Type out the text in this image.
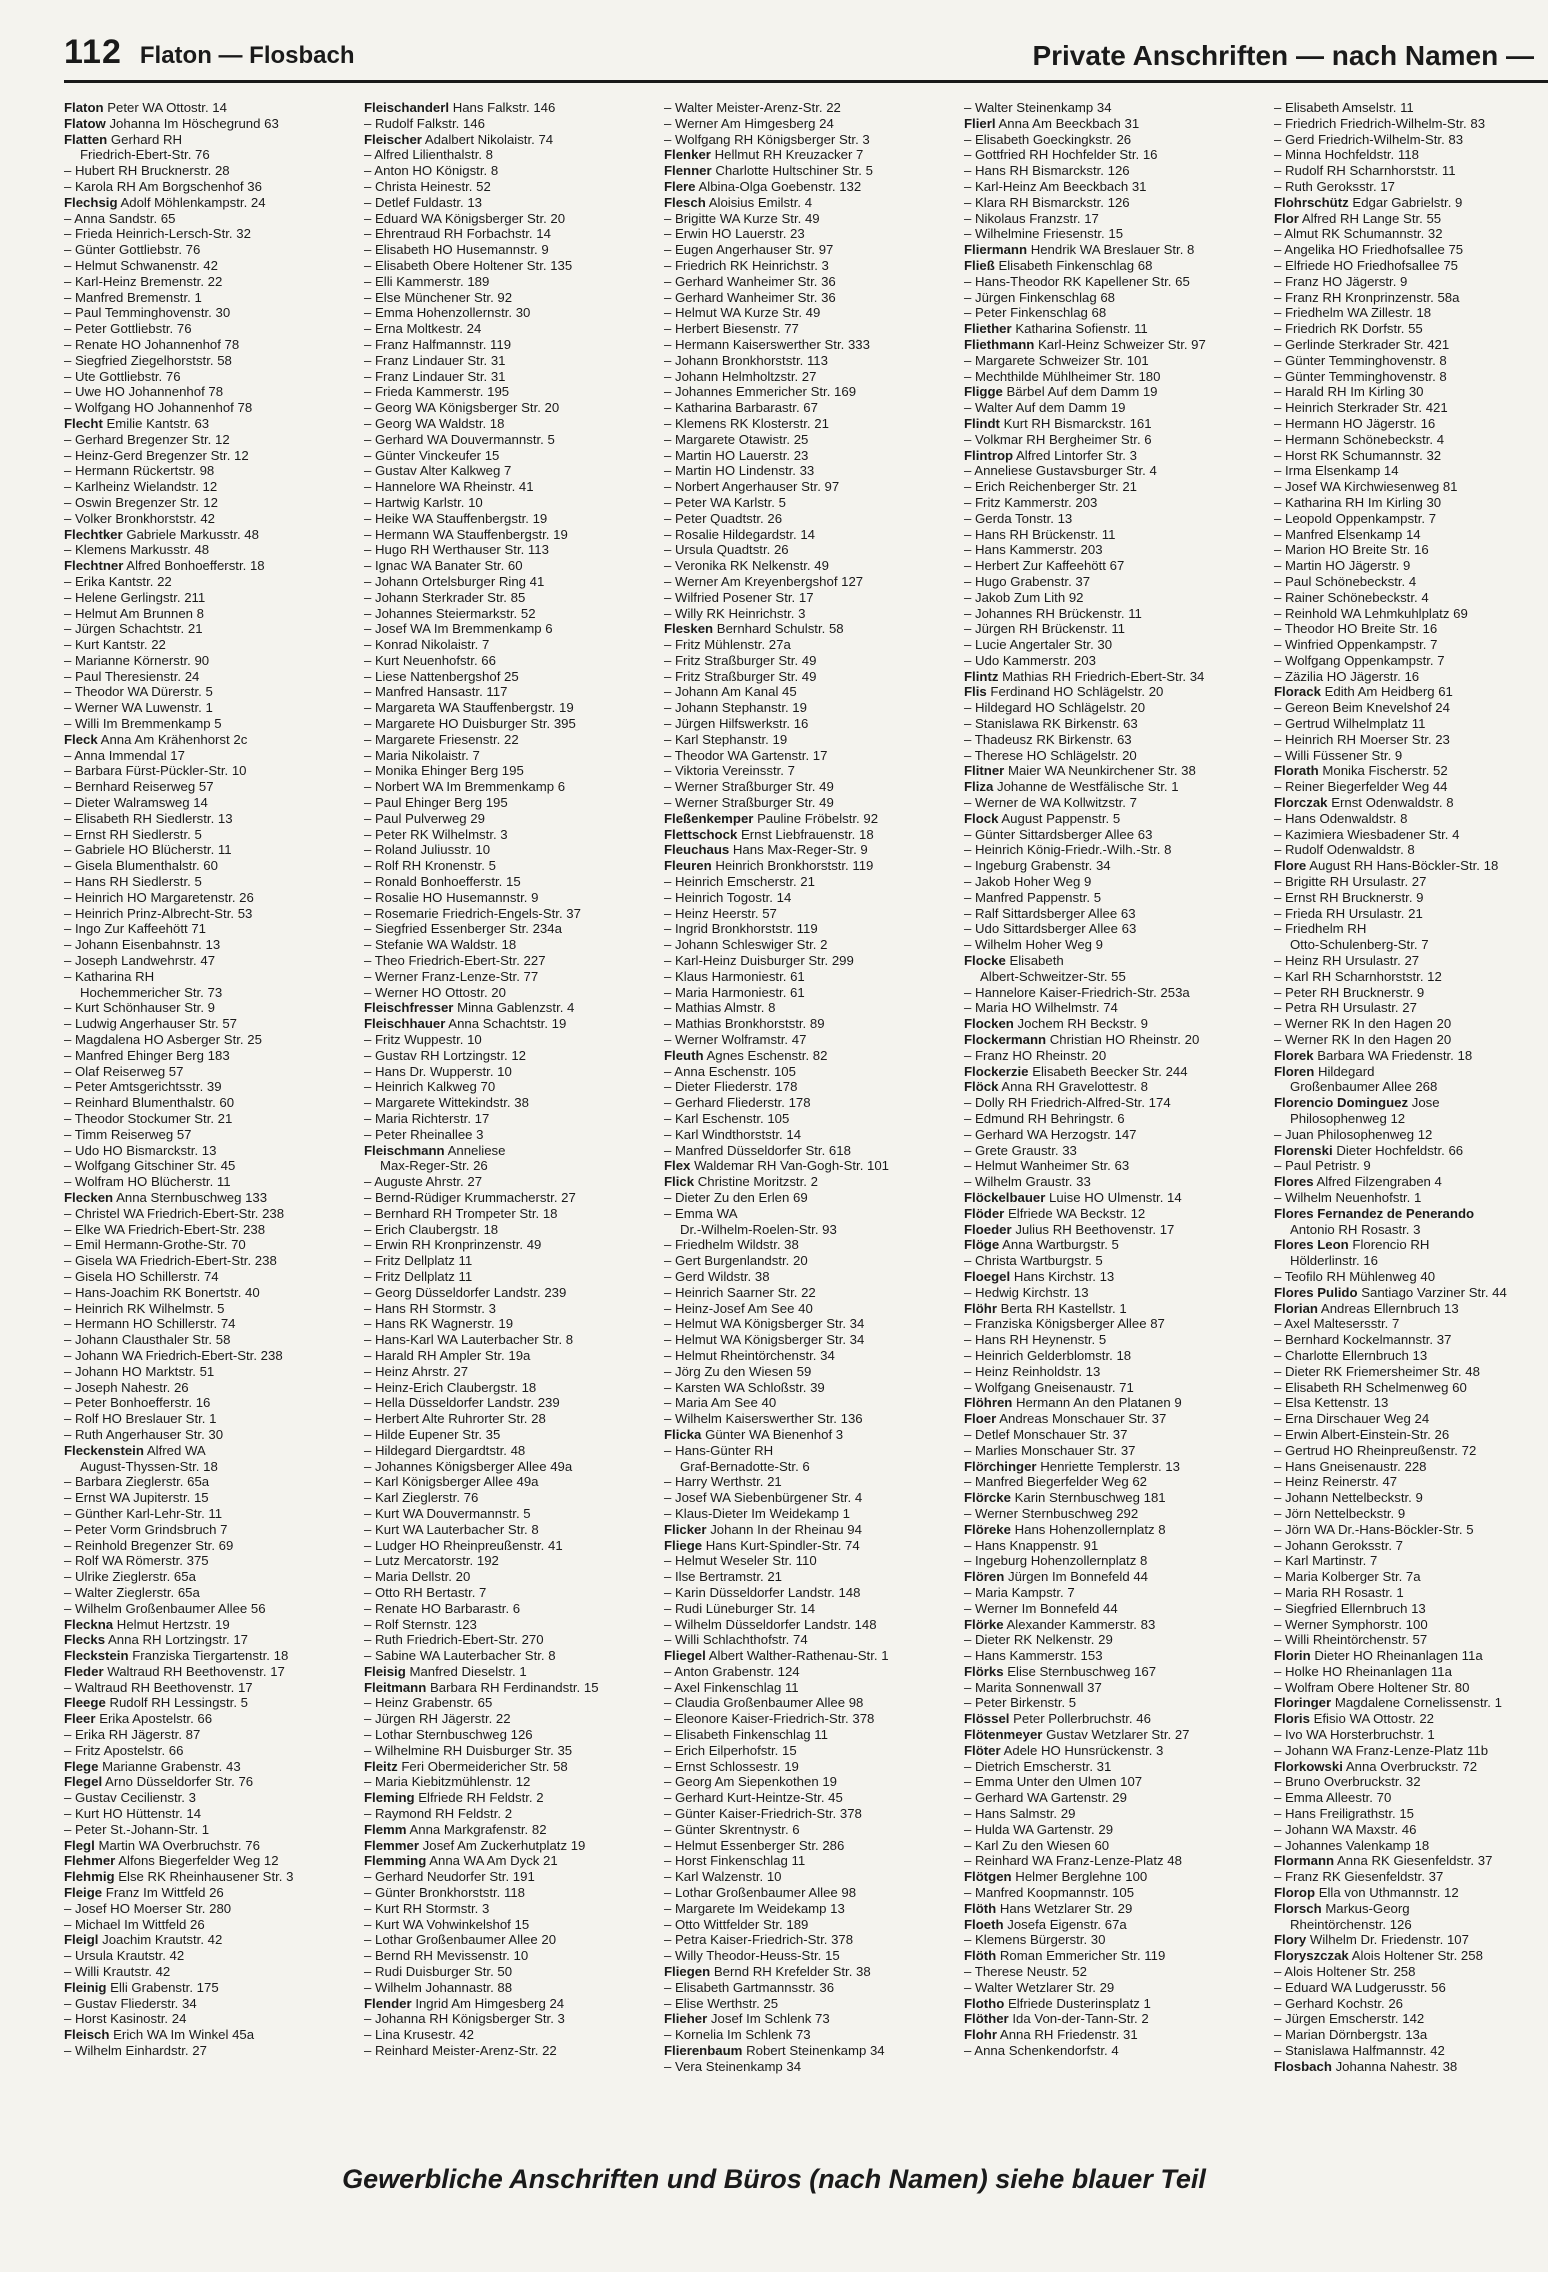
112 Flaton — Flosbach	Private Anschriften — nach Namen —
Flaton Peter WA Ottostr. 14
Flatow Johanna Im Höschegrund 63
Flatten Gerhard RH
Friedrich-Ebert-Str. 76
– Hubert RH Brucknerstr. 28
– Karola RH Am Borgschenhof 36
Flechsig Adolf Möhlenkampstr. 24
– Anna Sandstr. 65
– Frieda Heinrich-Lersch-Str. 32
– Günter Gottliebstr. 76
– Helmut Schwanenstr. 42
– Karl-Heinz Bremenstr. 22
– Manfred Bremenstr. 1
– Paul Temminghovenstr. 30
– Peter Gottliebstr. 76
– Renate HO Johannenhof 78
– Siegfried Ziegelhorststr. 58
– Ute Gottliebstr. 76
– Uwe HO Johannenhof 78
– Wolfgang HO Johannenhof 78
Flecht Emilie Kantstr. 63
– Gerhard Bregenzer Str. 12
– Heinz-Gerd Bregenzer Str. 12
– Hermann Rückertstr. 98
– Karlheinz Wielandstr. 12
– Oswin Bregenzer Str. 12
– Volker Bronkhorststr. 42
Flechtker Gabriele Markusstr. 48
– Klemens Markusstr. 48
Flechtner Alfred Bonhoefferstr. 18
– Erika Kantstr. 22
– Helene Gerlingstr. 211
– Helmut Am Brunnen 8
– Jürgen Schachtstr. 21
– Kurt Kantstr. 22
– Marianne Körnerstr. 90
– Paul Theresienstr. 24
– Theodor WA Dürerstr. 5
– Werner WA Luwenstr. 1
– Willi Im Bremmenkamp 5
Fleck Anna Am Krähenhorst 2c
– Anna Immendal 17
– Barbara Fürst-Pückler-Str. 10
– Bernhard Reiserweg 57
– Dieter Walramsweg 14
– Elisabeth RH Siedlerstr. 13
– Ernst RH Siedlerstr. 5
– Gabriele HO Blücherstr. 11
– Gisela Blumenthalstr. 60
– Hans RH Siedlerstr. 5
– Heinrich HO Margaretenstr. 26
– Heinrich Prinz-Albrecht-Str. 53
– Ingo Zur Kaffeehött 71
– Johann Eisenbahnstr. 13
– Joseph Landwehrstr. 47
– Katharina RH
Hochemmericher Str. 73
– Kurt Schönhauser Str. 9
– Ludwig Angerhauser Str. 57
– Magdalena HO Asberger Str. 25
– Manfred Ehinger Berg 183
– Olaf Reiserweg 57
– Peter Amtsgerichtsstr. 39
– Reinhard Blumenthalstr. 60
– Theodor Stockumer Str. 21
– Timm Reiserweg 57
– Udo HO Bismarckstr. 13
– Wolfgang Gitschiner Str. 45
– Wolfram HO Blücherstr. 11
Flecken Anna Sternbuschweg 133
– Christel WA Friedrich-Ebert-Str. 238
– Elke WA Friedrich-Ebert-Str. 238
– Emil Hermann-Grothe-Str. 70
– Gisela WA Friedrich-Ebert-Str. 238
– Gisela HO Schillerstr. 74
– Hans-Joachim RK Bonertstr. 40
– Heinrich RK Wilhelmstr. 5
– Hermann HO Schillerstr. 74
– Johann Clausthaler Str. 58
– Johann WA Friedrich-Ebert-Str. 238
– Johann HO Marktstr. 51
– Joseph Nahestr. 26
– Peter Bonhoefferstr. 16
– Rolf HO Breslauer Str. 1
– Ruth Angerhauser Str. 30
Fleckenstein Alfred WA
August-Thyssen-Str. 18
– Barbara Zieglerstr. 65a
– Ernst WA Jupiterstr. 15
– Günther Karl-Lehr-Str. 11
– Peter Vorm Grindsbruch 7
– Reinhold Bregenzer Str. 69
– Rolf WA Römerstr. 375
– Ulrike Zieglerstr. 65a
– Walter Zieglerstr. 65a
– Wilhelm Großenbaumer Allee 56
Fleckna Helmut Hertzstr. 19
Flecks Anna RH Lortzingstr. 17
Fleckstein Franziska Tiergartenstr. 18
Fleder Waltraud RH Beethovenstr. 17
– Waltraud RH Beethovenstr. 17
Fleege Rudolf RH Lessingstr. 5
Fleer Erika Apostelstr. 66
– Erika RH Jägerstr. 87
– Fritz Apostelstr. 66
Flege Marianne Grabenstr. 43
Flegel Arno Düsseldorfer Str. 76
– Gustav Cecilienstr. 3
– Kurt HO Hüttenstr. 14
– Peter St.-Johann-Str. 1
Flegl Martin WA Overbruchstr. 76
Flehmer Alfons Biegerfelder Weg 12
Flehmig Else RK Rheinhausener Str. 3
Fleige Franz Im Wittfeld 26
– Josef HO Moerser Str. 280
– Michael Im Wittfeld 26
Fleigl Joachim Krautstr. 42
– Ursula Krautstr. 42
– Willi Krautstr. 42
Fleinig Elli Grabenstr. 175
– Gustav Fliederstr. 34
– Horst Kasinostr. 24
Fleisch Erich WA Im Winkel 45a
– Wilhelm Einhardstr. 27
Fleischanderl Hans Falkstr. 146
– Rudolf Falkstr. 146
Fleischer Adalbert Nikolaistr. 74
– Alfred Lilienthalstr. 8
– Anton HO Königstr. 8
– Christa Heinestr. 52
– Detlef Fuldastr. 13
– Eduard WA Königsberger Str. 20
– Ehrentraud RH Forbachstr. 14
– Elisabeth HO Husemannstr. 9
– Elisabeth Obere Holtener Str. 135
– Elli Kammerstr. 189
– Else Münchener Str. 92
– Emma Hohenzollernstr. 30
– Erna Moltkestr. 24
– Franz Halfmannstr. 119
– Franz Lindauer Str. 31
– Franz Lindauer Str. 31
– Frieda Kammerstr. 195
– Georg WA Königsberger Str. 20
– Georg WA Waldstr. 18
– Gerhard WA Douvermannstr. 5
– Günter Vinckeufer 15
– Gustav Alter Kalkweg 7
– Hannelore WA Rheinstr. 41
– Hartwig Karlstr. 10
– Heike WA Stauffenbergstr. 19
– Hermann WA Stauffenbergstr. 19
– Hugo RH Werthauser Str. 113
– Ignac WA Banater Str. 60
– Johann Ortelsburger Ring 41
– Johann Sterkrader Str. 85
– Johannes Steiermarkstr. 52
– Josef WA Im Bremmenkamp 6
– Konrad Nikolaistr. 7
– Kurt Neuenhofstr. 66
– Liese Nattenbergshof 25
– Manfred Hansastr. 117
– Margareta WA Stauffenbergstr. 19
– Margarete HO Duisburger Str. 395
– Margarete Friesenstr. 22
– Maria Nikolaistr. 7
– Monika Ehinger Berg 195
– Norbert WA Im Bremmenkamp 6
– Paul Ehinger Berg 195
– Paul Pulverweg 29
– Peter RK Wilhelmstr. 3
– Roland Juliusstr. 10
– Rolf RH Kronenstr. 5
– Ronald Bonhoefferstr. 15
– Rosalie HO Husemannstr. 9
– Rosemarie Friedrich-Engels-Str. 37
– Siegfried Essenberger Str. 234a
– Stefanie WA Waldstr. 18
– Theo Friedrich-Ebert-Str. 227
– Werner Franz-Lenze-Str. 77
– Werner HO Ottostr. 20
Fleischfresser Minna Gablenzstr. 4
Fleischhauer Anna Schachtstr. 19
– Fritz Wuppestr. 10
– Gustav RH Lortzingstr. 12
– Hans Dr. Wupperstr. 10
– Heinrich Kalkweg 70
– Margarete Wittekindstr. 38
– Maria Richterstr. 17
– Peter Rheinallee 3
Fleischmann Anneliese
Max-Reger-Str. 26
– Auguste Ahrstr. 27
– Bernd-Rüdiger Krummacherstr. 27
– Bernhard RH Trompeter Str. 18
– Erich Claubergstr. 18
– Erwin RH Kronprinzenstr. 49
– Fritz Dellplatz 11
– Fritz Dellplatz 11
– Georg Düsseldorfer Landstr. 239
– Hans RH Stormstr. 3
– Hans RK Wagnerstr. 19
– Hans-Karl WA Lauterbacher Str. 8
– Harald RH Ampler Str. 19a
– Heinz Ahrstr. 27
– Heinz-Erich Claubergstr. 18
– Hella Düsseldorfer Landstr. 239
– Herbert Alte Ruhrorter Str. 28
– Hilde Eupener Str. 35
– Hildegard Diergardtstr. 48
– Johannes Königsberger Allee 49a
– Karl Königsberger Allee 49a
– Karl Zieglerstr. 76
– Kurt WA Douvermannstr. 5
– Kurt WA Lauterbacher Str. 8
– Ludger HO Rheinpreußenstr. 41
– Lutz Mercatorstr. 192
– Maria Dellstr. 20
– Otto RH Bertastr. 7
– Renate HO Barbarastr. 6
– Rolf Sternstr. 123
– Ruth Friedrich-Ebert-Str. 270
– Sabine WA Lauterbacher Str. 8
Fleisig Manfred Dieselstr. 1
Fleitmann Barbara RH Ferdinandstr. 15
– Heinz Grabenstr. 65
– Jürgen RH Jägerstr. 22
– Lothar Sternbuschweg 126
– Wilhelmine RH Duisburger Str. 35
Fleitz Feri Obermeidericher Str. 58
– Maria Kiebitzmühlenstr. 12
Fleming Elfriede RH Feldstr. 2
– Raymond RH Feldstr. 2
Flemm Anna Markgrafenstr. 82
Flemmer Josef Am Zuckerhutplatz 19
Flemming Anna WA Am Dyck 21
– Gerhard Neudorfer Str. 191
– Günter Bronkhorststr. 118
– Kurt RH Stormstr. 3
– Kurt WA Vohwinkelshof 15
– Lothar Großenbaumer Allee 20
– Bernd RH Mevissenstr. 10
– Rudi Duisburger Str. 50
– Wilhelm Johannastr. 88
Flender Ingrid Am Himgesberg 24
– Johanna RH Königsberger Str. 3
– Lina Krusestr. 42
– Reinhard Meister-Arenz-Str. 22
– Walter Meister-Arenz-Str. 22
– Werner Am Himgesberg 24
– Wolfgang RH Königsberger Str. 3
Flenker Hellmut RH Kreuzacker 7
Flenner Charlotte Hultschiner Str. 5
Flere Albina-Olga Goebenstr. 132
Flesch Aloisius Emilstr. 4
– Brigitte WA Kurze Str. 49
– Erwin HO Lauerstr. 23
– Eugen Angerhauser Str. 97
– Friedrich RK Heinrichstr. 3
– Gerhard Wanheimer Str. 36
– Gerhard Wanheimer Str. 36
– Helmut WA Kurze Str. 49
– Herbert Biesenstr. 77
– Hermann Kaiserswerther Str. 333
– Johann Bronkhorststr. 113
– Johann Helmholtzstr. 27
– Johannes Emmericher Str. 169
– Katharina Barbarastr. 67
– Klemens RK Klosterstr. 21
– Margarete Otawistr. 25
– Martin HO Lauerstr. 23
– Martin HO Lindenstr. 33
– Norbert Angerhauser Str. 97
– Peter WA Karlstr. 5
– Peter Quadtstr. 26
– Rosalie Hildegardstr. 14
– Ursula Quadtstr. 26
– Veronika RK Nelkenstr. 49
– Werner Am Kreyenbergshof 127
– Wilfried Posener Str. 17
– Willy RK Heinrichstr. 3
Flesken Bernhard Schulstr. 58
– Fritz Mühlenstr. 27a
– Fritz Straßburger Str. 49
– Fritz Straßburger Str. 49
– Johann Am Kanal 45
– Johann Stephanstr. 19
– Jürgen Hilfswerkstr. 16
– Karl Stephanstr. 19
– Theodor WA Gartenstr. 17
– Viktoria Vereinsstr. 7
– Werner Straßburger Str. 49
– Werner Straßburger Str. 49
Fleßenkemper Pauline Fröbelstr. 92
Flettschock Ernst Liebfrauenstr. 18
Fleuchaus Hans Max-Reger-Str. 9
Fleuren Heinrich Bronkhorststr. 119
– Heinrich Emscherstr. 21
– Heinrich Togostr. 14
– Heinz Heerstr. 57
– Ingrid Bronkhorststr. 119
– Johann Schleswiger Str. 2
– Karl-Heinz Duisburger Str. 299
– Klaus Harmoniestr. 61
– Maria Harmoniestr. 61
– Mathias Almstr. 8
– Mathias Bronkhorststr. 89
– Werner Wolframstr. 47
Fleuth Agnes Eschenstr. 82
– Anna Eschenstr. 105
– Dieter Fliederstr. 178
– Gerhard Fliederstr. 178
– Karl Eschenstr. 105
– Karl Windthorststr. 14
– Manfred Düsseldorfer Str. 618
Flex Waldemar RH Van-Gogh-Str. 101
Flick Christine Moritzstr. 2
– Dieter Zu den Erlen 69
– Emma WA
Dr.-Wilhelm-Roelen-Str. 93
– Friedhelm Wildstr. 38
– Gert Burgenlandstr. 20
– Gerd Wildstr. 38
– Heinrich Saarner Str. 22
– Heinz-Josef Am See 40
– Helmut WA Königsberger Str. 34
– Helmut WA Königsberger Str. 34
– Helmut Rheintörchenstr. 34
– Jörg Zu den Wiesen 59
– Karsten WA Schloßstr. 39
– Maria Am See 40
– Wilhelm Kaiserswerther Str. 136
Flicka Günter WA Bienenhof 3
– Hans-Günter RH
Graf-Bernadotte-Str. 6
– Harry Werthstr. 21
– Josef WA Siebenbürgener Str. 4
– Klaus-Dieter Im Weidekamp 1
Flicker Johann In der Rheinau 94
Fliege Hans Kurt-Spindler-Str. 74
– Helmut Weseler Str. 110
– Ilse Bertramstr. 21
– Karin Düsseldorfer Landstr. 148
– Rudi Lüneburger Str. 14
– Wilhelm Düsseldorfer Landstr. 148
– Willi Schlachthofstr. 74
Fliegel Albert Walther-Rathenau-Str. 1
– Anton Grabenstr. 124
– Axel Finkenschlag 11
– Claudia Großenbaumer Allee 98
– Eleonore Kaiser-Friedrich-Str. 378
– Elisabeth Finkenschlag 11
– Erich Eilperhofstr. 15
– Ernst Schlossestr. 19
– Georg Am Siepenkothen 19
– Gerhard Kurt-Heintze-Str. 45
– Günter Kaiser-Friedrich-Str. 378
– Günter Skrentnystr. 6
– Helmut Essenberger Str. 286
– Horst Finkenschlag 11
– Karl Walzenstr. 10
– Lothar Großenbaumer Allee 98
– Margarete Im Weidekamp 13
– Otto Wittfelder Str. 189
– Petra Kaiser-Friedrich-Str. 378
– Willy Theodor-Heuss-Str. 15
Fliegen Bernd RH Krefelder Str. 38
– Elisabeth Gartmannsstr. 36
– Elise Werthstr. 25
Flieher Josef Im Schlenk 73
– Kornelia Im Schlenk 73
Flierenbaum Robert Steinenkamp 34
– Vera Steinenkamp 34
– Walter Steinenkamp 34
Flierl Anna Am Beeckbach 31
– Elisabeth Goeckingkstr. 26
– Gottfried RH Hochfelder Str. 16
– Hans RH Bismarckstr. 126
– Karl-Heinz Am Beeckbach 31
– Klara RH Bismarckstr. 126
– Nikolaus Franzstr. 17
– Wilhelmine Friesenstr. 15
Fliermann Hendrik WA Breslauer Str. 8
Fließ Elisabeth Finkenschlag 68
– Hans-Theodor RK Kapellener Str. 65
– Jürgen Finkenschlag 68
– Peter Finkenschlag 68
Fliether Katharina Sofienstr. 11
Fliethmann Karl-Heinz Schweizer Str. 97
– Margarete Schweizer Str. 101
– Mechthilde Mühlheimer Str. 180
Fligge Bärbel Auf dem Damm 19
– Walter Auf dem Damm 19
Flindt Kurt RH Bismarckstr. 161
– Volkmar RH Bergheimer Str. 6
Flintrop Alfred Lintorfer Str. 3
– Anneliese Gustavsburger Str. 4
– Erich Reichenberger Str. 21
– Fritz Kammerstr. 203
– Gerda Tonstr. 13
– Hans RH Brückenstr. 11
– Hans Kammerstr. 203
– Herbert Zur Kaffeehött 67
– Hugo Grabenstr. 37
– Jakob Zum Lith 92
– Johannes RH Brückenstr. 11
– Jürgen RH Brückenstr. 11
– Lucie Angertaler Str. 30
– Udo Kammerstr. 203
Flintz Mathias RH Friedrich-Ebert-Str. 34
Flis Ferdinand HO Schlägelstr. 20
– Hildegard HO Schlägelstr. 20
– Stanislawa RK Birkenstr. 63
– Thadeusz RK Birkenstr. 63
– Therese HO Schlägelstr. 20
Flitner Maier WA Neunkirchener Str. 38
Fliza Johanne de Westfälische Str. 1
– Werner de WA Kollwitzstr. 7
Flock August Pappenstr. 5
– Günter Sittardsberger Allee 63
– Heinrich König-Friedr.-Wilh.-Str. 8
– Ingeburg Grabenstr. 34
– Jakob Hoher Weg 9
– Manfred Pappenstr. 5
– Ralf Sittardsberger Allee 63
– Udo Sittardsberger Allee 63
– Wilhelm Hoher Weg 9
Flocke Elisabeth
Albert-Schweitzer-Str. 55
– Hannelore Kaiser-Friedrich-Str. 253a
– Maria HO Wilhelmstr. 74
Flocken Jochem RH Beckstr. 9
Flockermann Christian HO Rheinstr. 20
– Franz HO Rheinstr. 20
Flockerzie Elisabeth Beecker Str. 244
Flöck Anna RH Gravelottestr. 8
– Dolly RH Friedrich-Alfred-Str. 174
– Edmund RH Behringstr. 6
– Gerhard WA Herzogstr. 147
– Grete Graustr. 33
– Helmut Wanheimer Str. 63
– Wilhelm Graustr. 33
Flöckelbauer Luise HO Ulmenstr. 14
Flöder Elfriede WA Beckstr. 12
Floeder Julius RH Beethovenstr. 17
Flöge Anna Wartburgstr. 5
– Christa Wartburgstr. 5
Floegel Hans Kirchstr. 13
– Hedwig Kirchstr. 13
Flöhr Berta RH Kastellstr. 1
– Franziska Königsberger Allee 87
– Hans RH Heynenstr. 5
– Heinrich Gelderblomstr. 18
– Heinz Reinholdstr. 13
– Wolfgang Gneisenaustr. 71
Flöhren Hermann An den Platanen 9
Floer Andreas Monschauer Str. 37
– Detlef Monschauer Str. 37
– Marlies Monschauer Str. 37
Flörchinger Henriette Templerstr. 13
– Manfred Biegerfelder Weg 62
Flörcke Karin Sternbuschweg 181
– Werner Sternbuschweg 292
Flöreke Hans Hohenzollernplatz 8
– Hans Knappenstr. 91
– Ingeburg Hohenzollernplatz 8
Flören Jürgen Im Bonnefeld 44
– Maria Kampstr. 7
– Werner Im Bonnefeld 44
Flörke Alexander Kammerstr. 83
– Dieter RK Nelkenstr. 29
– Hans Kammerstr. 153
Flörks Elise Sternbuschweg 167
– Marita Sonnenwall 37
– Peter Birkenstr. 5
Flössel Peter Pollerbruchstr. 46
Flötenmeyer Gustav Wetzlarer Str. 27
Flöter Adele HO Hunsrückenstr. 3
– Dietrich Emscherstr. 31
– Emma Unter den Ulmen 107
– Gerhard WA Gartenstr. 29
– Hans Salmstr. 29
– Hulda WA Gartenstr. 29
– Karl Zu den Wiesen 60
– Reinhard WA Franz-Lenze-Platz 48
Flötgen Helmer Berglehne 100
– Manfred Koopmannstr. 105
Flöth Hans Wetzlarer Str. 29
Floeth Josefa Eigenstr. 67a
– Klemens Bürgerstr. 30
Flöth Roman Emmericher Str. 119
– Therese Neustr. 52
– Walter Wetzlarer Str. 29
Flotho Elfriede Dusterinsplatz 1
Flöther Ida Von-der-Tann-Str. 2
Flohr Anna RH Friedenstr. 31
– Anna Schenkendorfstr. 4
– Elisabeth Amselstr. 11
– Friedrich Friedrich-Wilhelm-Str. 83
– Gerd Friedrich-Wilhelm-Str. 83
– Minna Hochfeldstr. 118
– Rudolf RH Scharnhorststr. 11
– Ruth Geroksstr. 17
Flohrschütz Edgar Gabrielstr. 9
Flor Alfred RH Lange Str. 55
– Almut RK Schumannstr. 32
– Angelika HO Friedhofsallee 75
– Elfriede HO Friedhofsallee 75
– Franz HO Jägerstr. 9
– Franz RH Kronprinzenstr. 58a
– Friedhelm WA Zillestr. 18
– Friedrich RK Dorfstr. 55
– Gerlinde Sterkrader Str. 421
– Günter Temminghovenstr. 8
– Günter Temminghovenstr. 8
– Harald RH Im Kirling 30
– Heinrich Sterkrader Str. 421
– Hermann HO Jägerstr. 16
– Hermann Schönebeckstr. 4
– Horst RK Schumannstr. 32
– Irma Elsenkamp 14
– Josef WA Kirchwiesenweg 81
– Katharina RH Im Kirling 30
– Leopold Oppenkampstr. 7
– Manfred Elsenkamp 14
– Marion HO Breite Str. 16
– Martin HO Jägerstr. 9
– Paul Schönebeckstr. 4
– Rainer Schönebeckstr. 4
– Reinhold WA Lehmkuhlplatz 69
– Theodor HO Breite Str. 16
– Winfried Oppenkampstr. 7
– Wolfgang Oppenkampstr. 7
– Zäzilia HO Jägerstr. 16
Florack Edith Am Heidberg 61
– Gereon Beim Knevelshof 24
– Gertrud Wilhelmplatz 11
– Heinrich RH Moerser Str. 23
– Willi Füssener Str. 9
Florath Monika Fischerstr. 52
– Reiner Biegerfelder Weg 44
Florczak Ernst Odenwaldstr. 8
– Hans Odenwaldstr. 8
– Kazimiera Wiesbadener Str. 4
– Rudolf Odenwaldstr. 8
Flore August RH Hans-Böckler-Str. 18
– Brigitte RH Ursulastr. 27
– Ernst RH Brucknerstr. 9
– Frieda RH Ursulastr. 21
– Friedhelm RH
Otto-Schulenberg-Str. 7
– Heinz RH Ursulastr. 27
– Karl RH Scharnhorststr. 12
– Peter RH Brucknerstr. 9
– Petra RH Ursulastr. 27
– Werner RK In den Hagen 20
– Werner RK In den Hagen 20
Florek Barbara WA Friedenstr. 18
Floren Hildegard
Großenbaumer Allee 268
Florencio Dominguez Jose
Philosophenweg 12
– Juan Philosophenweg 12
Florenski Dieter Hochfeldstr. 66
– Paul Petristr. 9
Flores Alfred Filzengraben 4
– Wilhelm Neuenhofstr. 1
Flores Fernandez de Penerando
Antonio RH Rosastr. 3
Flores Leon Florencio RH
Hölderlinstr. 16
– Teofilo RH Mühlenweg 40
Flores Pulido Santiago Varziner Str. 44
Florian Andreas Ellernbruch 13
– Axel Maltesersstr. 7
– Bernhard Kockelmannstr. 37
– Charlotte Ellernbruch 13
– Dieter RK Friemersheimer Str. 48
– Elisabeth RH Schelmenweg 60
– Elsa Kettenstr. 13
– Erna Dirschauer Weg 24
– Erwin Albert-Einstein-Str. 26
– Gertrud HO Rheinpreußenstr. 72
– Hans Gneisenaustr. 228
– Heinz Reinerstr. 47
– Johann Nettelbeckstr. 9
– Jörn Nettelbeckstr. 9
– Jörn WA Dr.-Hans-Böckler-Str. 5
– Johann Geroksstr. 7
– Karl Martinstr. 7
– Maria Kolberger Str. 7a
– Maria RH Rosastr. 1
– Siegfried Ellernbruch 13
– Werner Symphorstr. 100
– Willi Rheintörchenstr. 57
Florin Dieter HO Rheinanlagen 11a
– Holke HO Rheinanlagen 11a
– Wolfram Obere Holtener Str. 80
Floringer Magdalene Cornelissenstr. 1
Floris Efisio WA Ottostr. 22
– Ivo WA Horsterbruchstr. 1
– Johann WA Franz-Lenze-Platz 11b
Florkowski Anna Overbruckstr. 72
– Bruno Overbruckstr. 32
– Emma Alleestr. 70
– Hans Freiligrathstr. 15
– Johann WA Maxstr. 46
– Johannes Valenkamp 18
Flormann Anna RK Giesenfeldstr. 37
– Franz RK Giesenfeldstr. 37
Florop Ella von Uthmannstr. 12
Florsch Markus-Georg
Rheintörchenstr. 126
Flory Wilhelm Dr. Friedenstr. 107
Floryszczak Alois Holtener Str. 258
– Alois Holtener Str. 258
– Eduard WA Ludgerusstr. 56
– Gerhard Kochstr. 26
– Jürgen Emscherstr. 142
– Marian Dörnbergstr. 13a
– Stanislawa Halfmannstr. 42
Flosbach Johanna Nahestr. 38
Gewerbliche Anschriften und Büros (nach Namen) siehe blauer Teil
